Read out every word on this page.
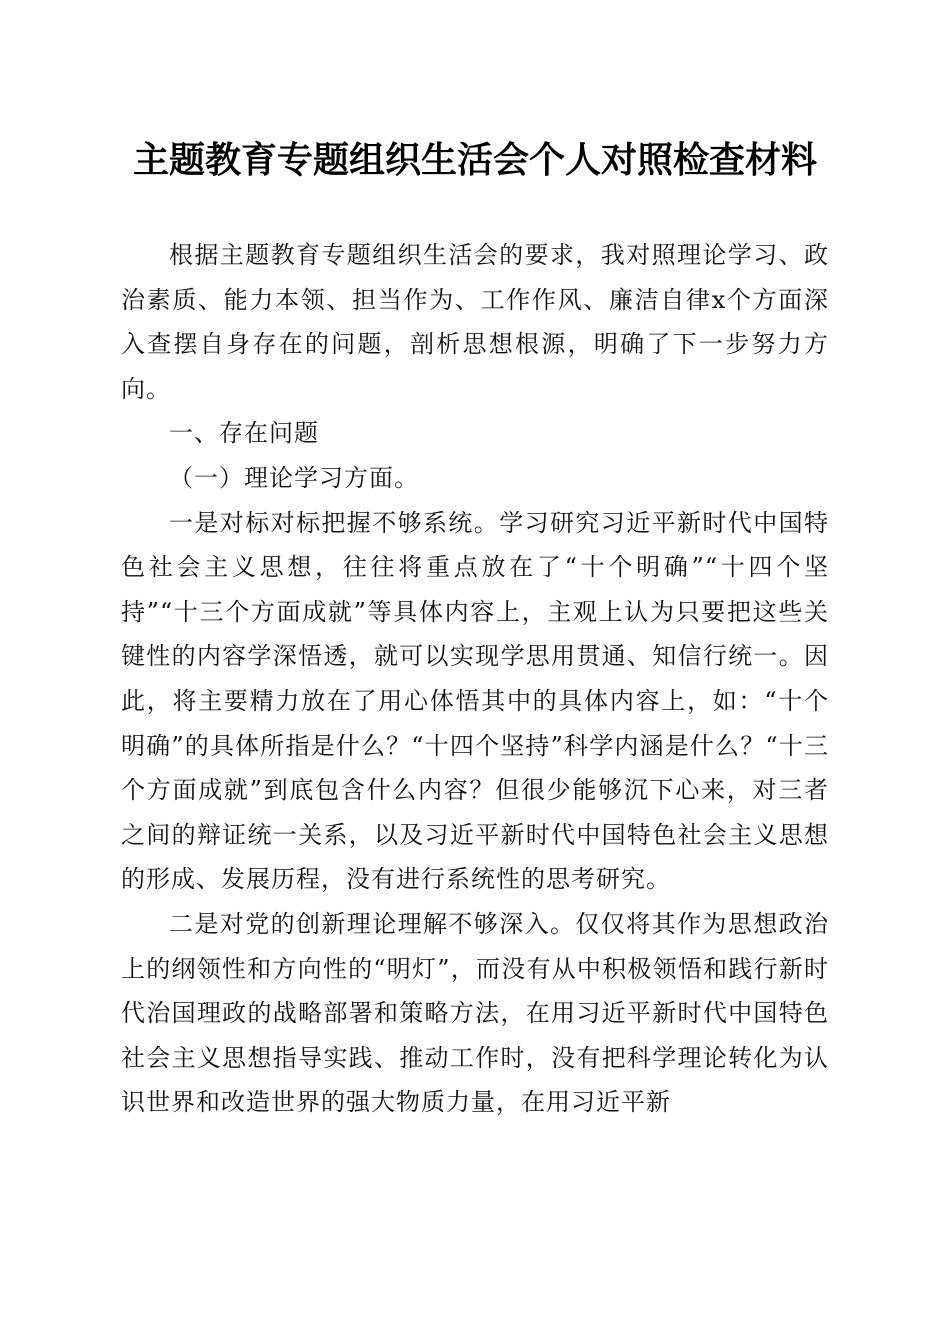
主题教育专题组织生活会个人对照检查材料

根据主题教育专题组织生活会的要求，我对照理论学习、政治素质、能力本领、担当作为、工作作风、廉洁自律x个方面深入查摆自身存在的问题，剖析思想根源，明确了下一步努力方向。

一、存在问题

（一）理论学习方面。

一是对标对标把握不够系统。学习研究习近平新时代中国特色社会主义思想，往往将重点放在了“十个明确”“十四个坚持”“十三个方面成就”等具体内容上，主观上认为只要把这些关键性的内容学深悟透，就可以实现学思用贯通、知信行统一。因此，将主要精力放在了用心体悟其中的具体内容上，如：“十个明确”的具体所指是什么？“十四个坚持”科学内涵是什么？“十三个方面成就”到底包含什么内容？但很少能够沉下心来，对三者之间的辩证统一关系，以及习近平新时代中国特色社会主义思想的形成、发展历程，没有进行系统性的思考研究。

二是对党的创新理论理解不够深入。仅仅将其作为思想政治上的纲领性和方向性的“明灯”，而没有从中积极领悟和践行新时代治国理政的战略部署和策略方法，在用习近平新时代中国特色社会主义思想指导实践、推动工作时，没有把科学理论转化为认识世界和改造世界的强大物质力量，在用习近平新
